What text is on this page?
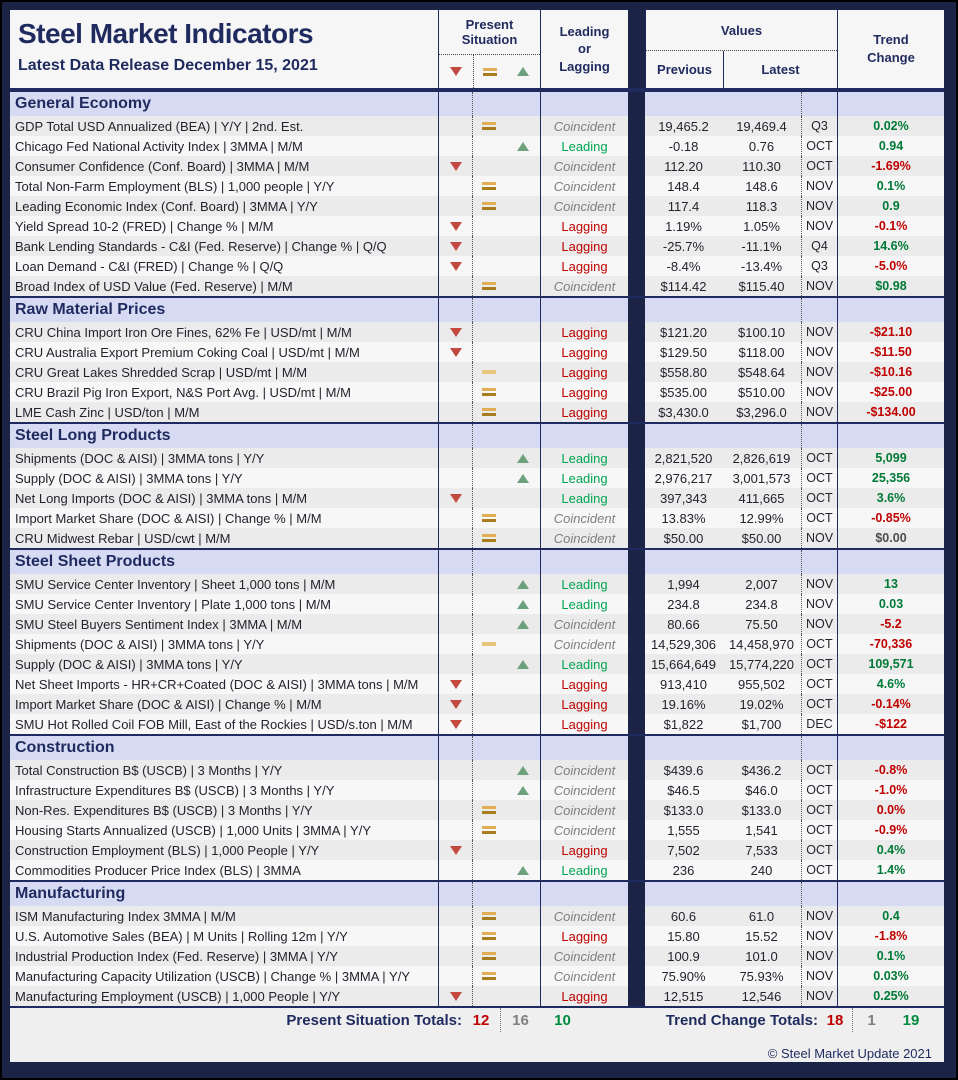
Steel Market Indicators
Latest Data Release December 15, 2021
Present Situation
Leading or Lagging
Values
Previous	Latest
Trend Change
General Economy
GDP Total USD Annualized (BEA) | Y/Y | 2nd. Est.	Coincident	19,465.2	19,469.4	Q3	0.02%
Chicago Fed National Activity Index | 3MMA | M/M	Leading	-0.18	0.76	OCT	0.94
Consumer Confidence (Conf. Board) | 3MMA | M/M	Coincident	112.20	110.30	OCT	-1.69%
Total Non-Farm Employment (BLS) | 1,000 people | Y/Y	Coincident	148.4	148.6	NOV	0.1%
Leading Economic Index (Conf. Board) | 3MMA | Y/Y	Coincident	117.4	118.3	NOV	0.9
Yield Spread 10-2 (FRED) | Change % | M/M	Lagging	1.19%	1.05%	NOV	-0.1%
Bank Lending Standards - C&I (Fed. Reserve) | Change % | Q/Q	Lagging	-25.7%	-11.1%	Q4	14.6%
Loan Demand - C&I (FRED) | Change % | Q/Q	Lagging	-8.4%	-13.4%	Q3	-5.0%
Broad Index of USD Value (Fed. Reserve) | M/M	Coincident	$114.42	$115.40	NOV	$0.98
Raw Material Prices
CRU China Import Iron Ore Fines, 62% Fe | USD/mt | M/M	Lagging	$121.20	$100.10	NOV	-$21.10
CRU Australia Export Premium Coking Coal | USD/mt | M/M	Lagging	$129.50	$118.00	NOV	-$11.50
CRU Great Lakes Shredded Scrap | USD/mt | M/M	Lagging	$558.80	$548.64	NOV	-$10.16
CRU Brazil Pig Iron Export, N&S Port Avg. | USD/mt | M/M	Lagging	$535.00	$510.00	NOV	-$25.00
LME Cash Zinc | USD/ton | M/M	Lagging	$3,430.0	$3,296.0	NOV	-$134.00
Steel Long Products
Shipments (DOC & AISI) | 3MMA tons | Y/Y	Leading	2,821,520	2,826,619	OCT	5,099
Supply (DOC & AISI) | 3MMA tons | Y/Y	Leading	2,976,217	3,001,573	OCT	25,356
Net Long Imports (DOC & AISI) | 3MMA tons | M/M	Leading	397,343	411,665	OCT	3.6%
Import Market Share (DOC & AISI) | Change % | M/M	Coincident	13.83%	12.99%	OCT	-0.85%
CRU Midwest Rebar | USD/cwt | M/M	Coincident	$50.00	$50.00	NOV	$0.00
Steel Sheet Products
SMU Service Center Inventory | Sheet 1,000 tons | M/M	Leading	1,994	2,007	NOV	13
SMU Service Center Inventory | Plate 1,000 tons | M/M	Leading	234.8	234.8	NOV	0.03
SMU Steel Buyers Sentiment Index | 3MMA | M/M	Coincident	80.66	75.50	NOV	-5.2
Shipments (DOC & AISI) | 3MMA tons | Y/Y	Coincident	14,529,306 14,458,970 OCT	-70,336
Supply (DOC & AISI) | 3MMA tons | Y/Y	Leading	15,664,649 15,774,220 OCT	109,571
Net Sheet Imports - HR+CR+Coated (DOC & AISI) | 3MMA tons | M/M	Lagging	913,410	955,502	OCT	4.6%
Import Market Share (DOC & AISI) | Change % | M/M	Lagging	19.16%	19.02%	OCT	-0.14%
SMU Hot Rolled Coil FOB Mill, East of the Rockies | USD/s.ton | M/M	Lagging	$1,822	$1,700	DEC	-$122
Construction
Total Construction B$ (USCB) | 3 Months | Y/Y	Coincident	$439.6	$436.2	OCT	-0.8%
Infrastructure Expenditures B$ (USCB) | 3 Months | Y/Y	Coincident	$46.5	$46.0	OCT	-1.0%
Non-Res. Expenditures B$ (USCB) | 3 Months | Y/Y	Coincident	$133.0	$133.0	OCT	0.0%
Housing Starts Annualized (USCB) | 1,000 Units | 3MMA | Y/Y	Coincident	1,555	1,541	OCT	-0.9%
Construction Employment (BLS) | 1,000 People | Y/Y	Lagging	7,502	7,533	OCT	0.4%
Commodities Producer Price Index (BLS) | 3MMA	Leading	236	240	OCT	1.4%
Manufacturing
ISM Manufacturing Index 3MMA | M/M	Coincident	60.6	61.0	NOV	0.4
U.S. Automotive Sales (BEA) | M Units | Rolling 12m | Y/Y	Lagging	15.80	15.52	NOV	-1.8%
Industrial Production Index (Fed. Reserve) | 3MMA | Y/Y	Coincident	100.9	101.0	NOV	0.1%
Manufacturing Capacity Utilization (USCB) | Change % | 3MMA | Y/Y	Coincident	75.90%	75.93%	NOV	0.03%
Manufacturing Employment (USCB) | 1,000 People | Y/Y	Lagging	12,515	12,546	NOV	0.25%
Present Situation Totals: 12	16	10	Trend Change Totals: 18	1	19
© Steel Market Update 2021
